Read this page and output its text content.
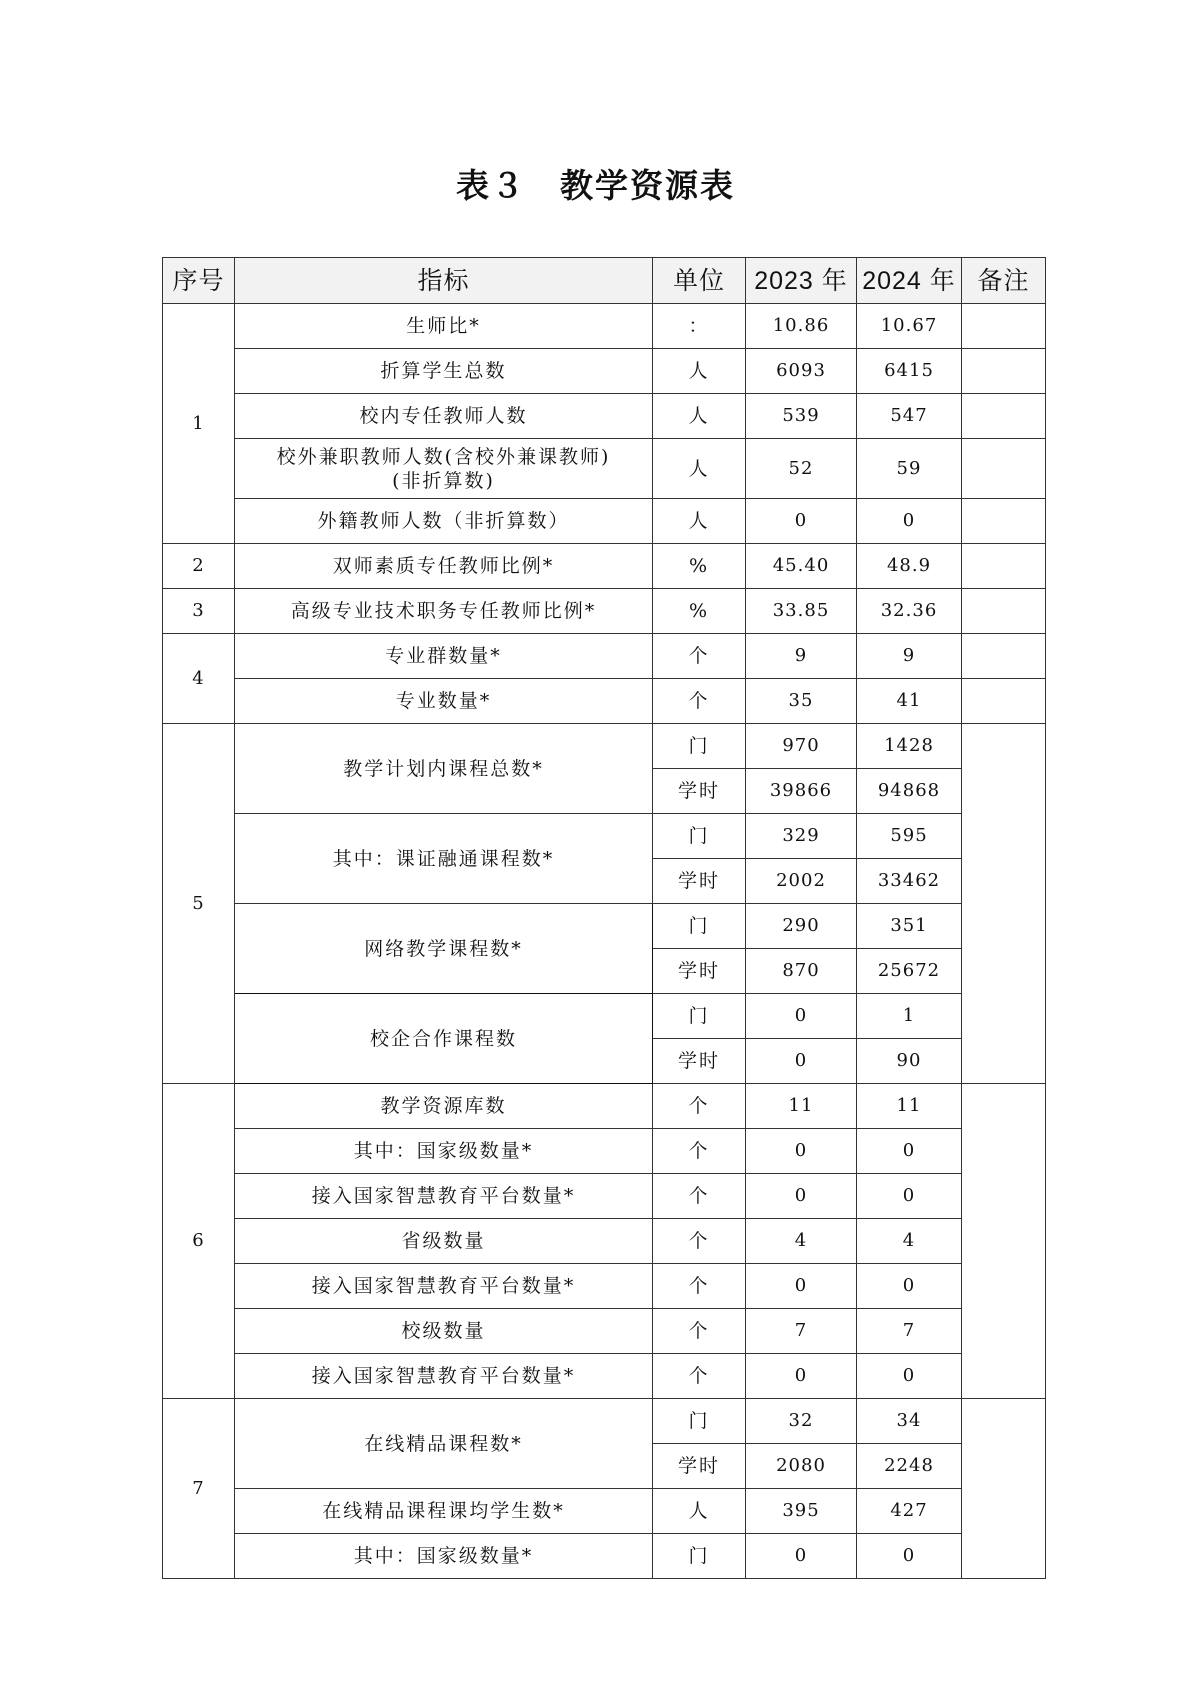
表３ 教学资源表
序号	指标	单位	2023 年	2024 年	备注
1	生师比*	：	10.86	10.67	
	折算学生总数	人	6093	6415	
	校内专任教师人数	人	539	547	

	校外兼职教师人数(含校外兼课教师)
(非折算数)	人	52	59	
	外籍教师人数（非折算数）	人	0	0	
2	双师素质专任教师比例*	%	45.40	48.9	
3	高级专业技术职务专任教师比例*	%	33.85	32.36	
4	专业群数量*	个	9	9	
	专业数量*	个	35	41	
5	教学计划内课程总数*	门	970	1428	
		学时	39866	94868	
	其中：课证融通课程数*	门	329	595	
		学时	2002	33462	
	网络教学课程数*	门	290	351	
		学时	870	25672	
	校企合作课程数	门	0	1	
		学时	0	90	
6	教学资源库数	个	11	11	
	其中：国家级数量*	个	0	0	
	接入国家智慧教育平台数量*	个	0	0	
	省级数量	个	4	4	
	接入国家智慧教育平台数量*	个	0	0	
	校级数量	个	7	7	
	接入国家智慧教育平台数量*	个	0	0	
7	在线精品课程数*	门	32	34	
		学时	2080	2248	
	在线精品课程课均学生数*	人	395	427	
	其中：国家级数量*	门	0	0	
